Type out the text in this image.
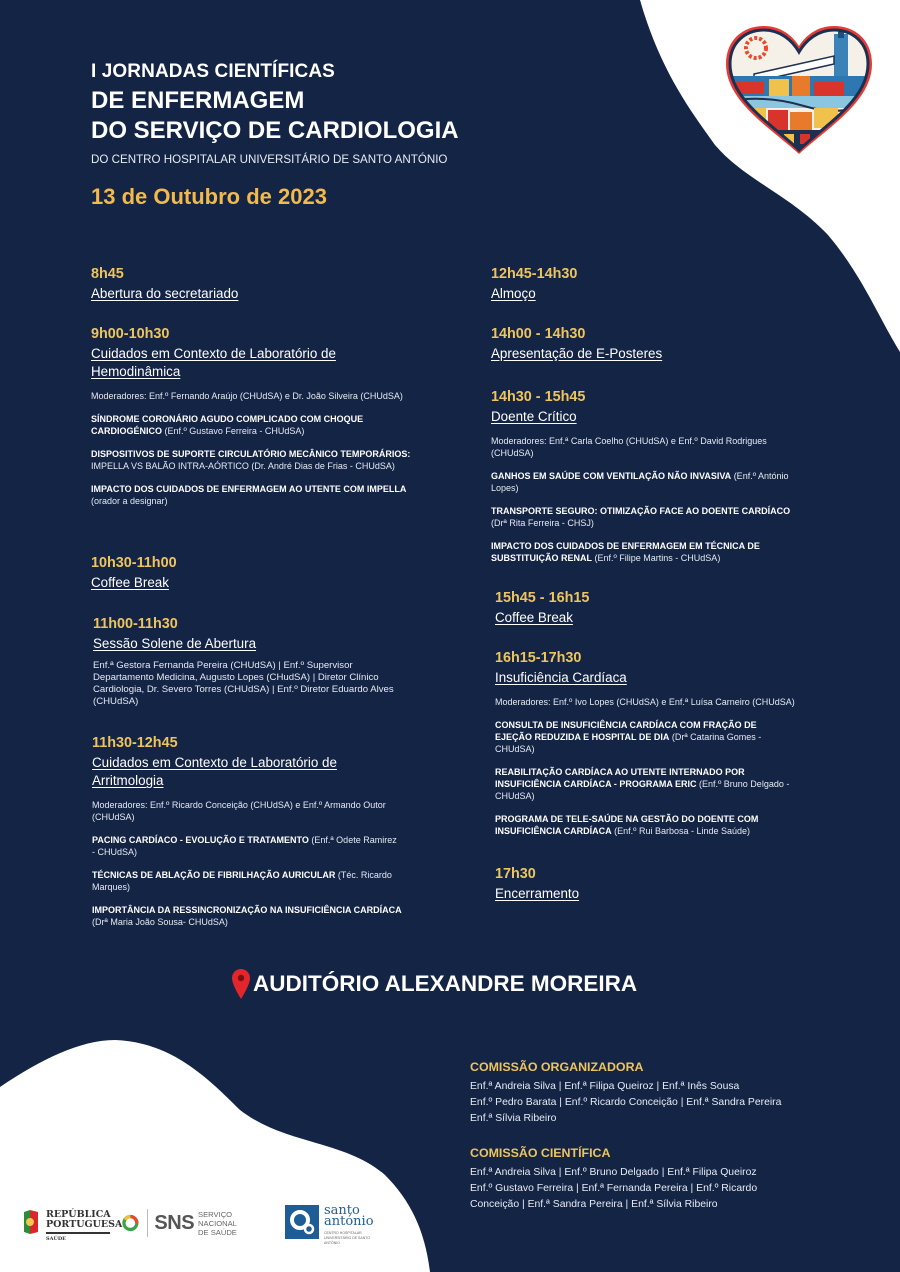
I JORNADAS CIENTÍFICAS
DE ENFERMAGEM
DO SERVIÇO DE CARDIOLOGIA
DO CENTRO HOSPITALAR UNIVERSITÁRIO DE SANTO ANTÓNIO
13 de Outubro de 2023
8h45
Abertura do secretariado
9h00-10h30
Cuidados em Contexto de Laboratório de
Hemodinâmica
Moderadores: Enf.º Fernando Araújo (CHUdSA) e Dr. João Silveira (CHUdSA)
SÍNDROME CORONÁRIO AGUDO COMPLICADO COM CHOQUE CARDIOGÉNICO (Enf.º Gustavo Ferreira - CHUdSA)
DISPOSITIVOS DE SUPORTE CIRCULATÓRIO MECÂNICO TEMPORÁRIOS: IMPELLA VS BALÃO INTRA-AÓRTICO (Dr. André Dias de Frias - CHUdSA)
IMPACTO DOS CUIDADOS DE ENFERMAGEM AO UTENTE COM IMPELLA (orador a designar)
10h30-11h00
Coffee Break
11h00-11h30
Sessão Solene de Abertura
Enf.ª Gestora Fernanda Pereira (CHUdSA) | Enf.º Supervisor Departamento Medicina, Augusto Lopes (CHudSA) | Diretor Clínico Cardiologia, Dr. Severo Torres (CHUdSA) | Enf.º Diretor Eduardo Alves (CHUdSA)
11h30-12h45
Cuidados em Contexto de Laboratório de
Arritmologia
Moderadores: Enf.º Ricardo Conceição (CHUdSA) e Enf.º Armando Outor (CHUdSA)
PACING CARDÍACO - EVOLUÇÃO E TRATAMENTO (Enf.ª Odete Ramirez - CHUdSA)
TÉCNICAS DE ABLAÇÃO DE FIBRILHAÇÃO AURICULAR (Téc. Ricardo Marques)
IMPORTÂNCIA DA RESSINCRONIZAÇÃO NA INSUFICIÊNCIA CARDÍACA (Drª Maria João Sousa- CHUdSA)
12h45-14h30
Almoço
14h00 - 14h30
Apresentação de E-Posteres
14h30 - 15h45
Doente Crítico
Moderadores: Enf.ª Carla Coelho (CHUdSA) e Enf.º David Rodrigues (CHUdSA)
GANHOS EM SAÚDE COM VENTILAÇÃO NÃO INVASIVA (Enf.º António Lopes)
TRANSPORTE SEGURO: OTIMIZAÇÃO FACE AO DOENTE CARDÍACO (Drª Rita Ferreira - CHSJ)
IMPACTO DOS CUIDADOS DE ENFERMAGEM EM TÉCNICA DE SUBSTITUIÇÃO RENAL (Enf.º Filipe Martins - CHUdSA)
15h45 - 16h15
Coffee Break
16h15-17h30
Insuficiência Cardíaca
Moderadores: Enf.º Ivo Lopes (CHUdSA) e Enf.ª Luísa Carneiro (CHUdSA)
CONSULTA DE INSUFICIÊNCIA CARDÍACA COM FRAÇÃO DE EJEÇÃO REDUZIDA E HOSPITAL DE DIA (Drª Catarina Gomes - CHUdSA)
REABILITAÇÃO CARDÍACA AO UTENTE INTERNADO POR INSUFICIÊNCIA CARDÍACA - PROGRAMA ERIC (Enf.º Bruno Delgado - CHUdSA)
PROGRAMA DE TELE-SAÚDE NA GESTÃO DO DOENTE COM INSUFICIÊNCIA CARDÍACA (Enf.º Rui Barbosa - Linde Saúde)
17h30
Encerramento
AUDITÓRIO ALEXANDRE MOREIRA
COMISSÃO ORGANIZADORA
Enf.ª Andreia Silva | Enf.ª Filipa Queiroz | Enf.ª Inês Sousa
Enf.º Pedro Barata | Enf.º Ricardo Conceição | Enf.ª Sandra Pereira
Enf.ª Sílvia Ribeiro
COMISSÃO CIENTÍFICA
Enf.ª Andreia Silva | Enf.º Bruno Delgado | Enf.ª Filipa Queiroz
Enf.º Gustavo Ferreira | Enf.ª Fernanda Pereira | Enf.º Ricardo
Conceição | Enf.ª Sandra Pereira | Enf.ª Sílvia Ribeiro
REPÚBLICA
PORTUGUESA
SAÚDE
SNS SERVIÇO NACIONAL
DE SAÚDE
santo
antónio
CENTRO HOSPITALAR
UNIVERSITÁRIO DE SANTO ANTÓNIO
